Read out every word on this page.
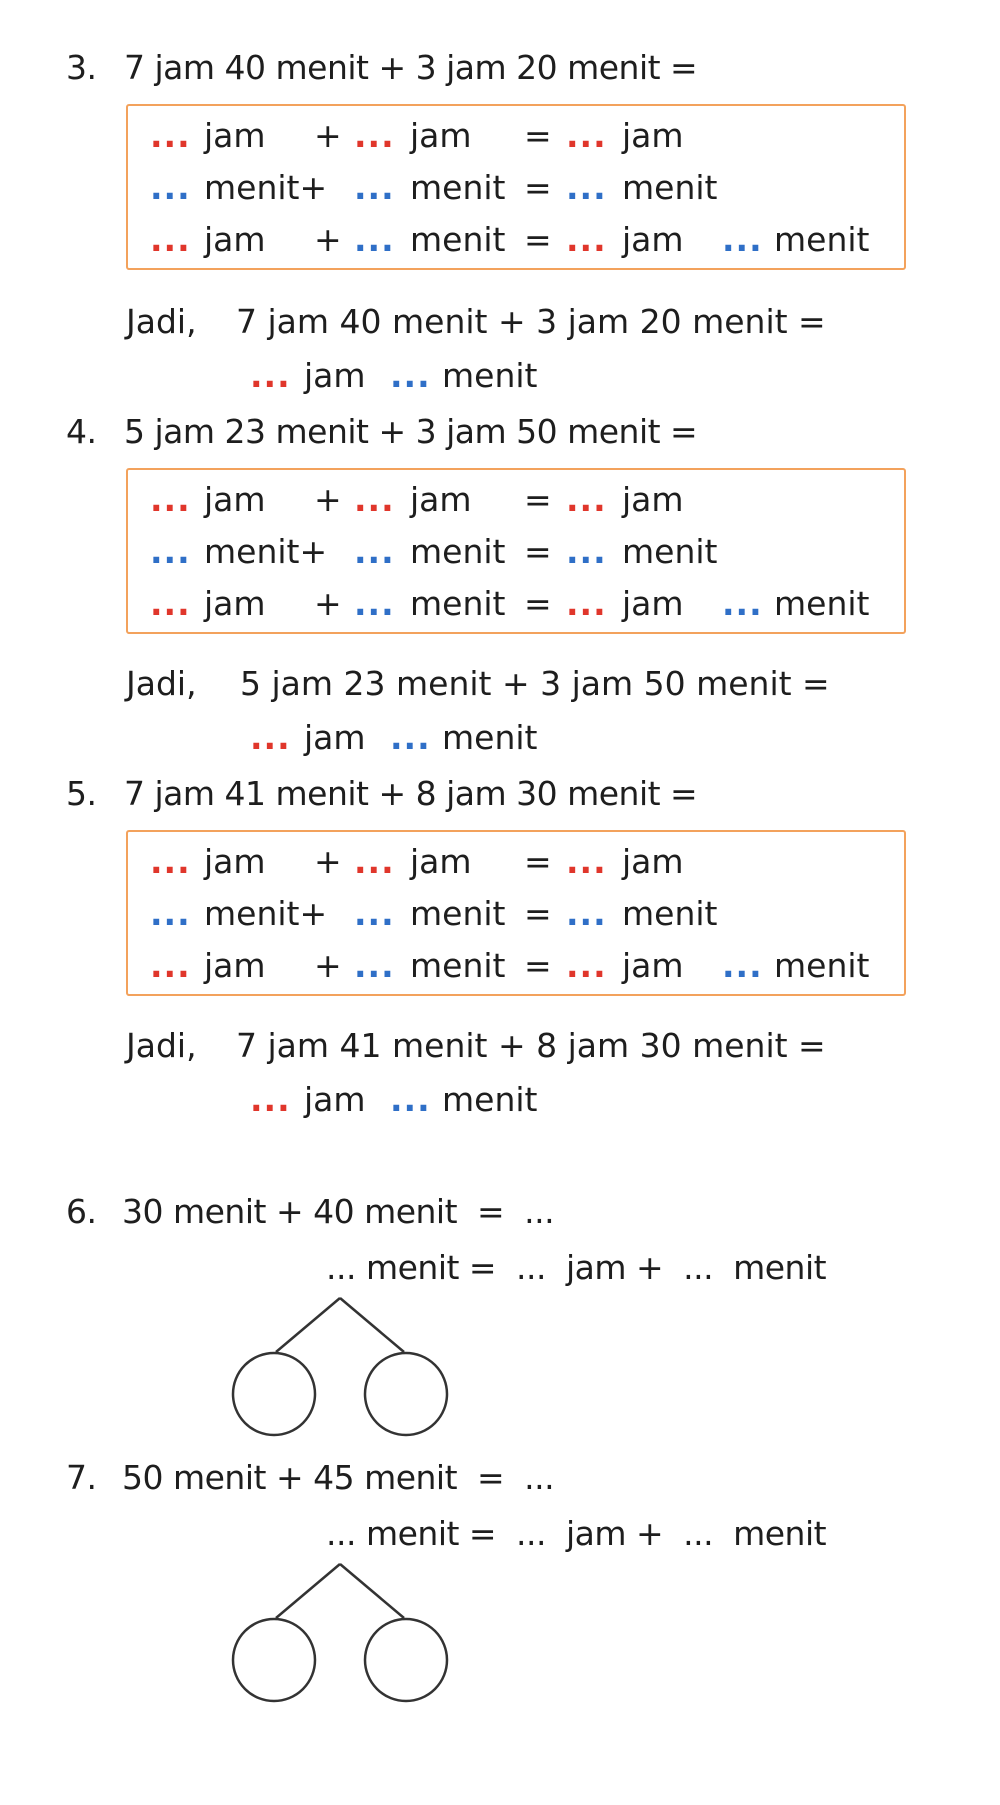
3. 7 jam 40 menit + 3 jam 20 menit =
... jam + ... jam = ... jam
... menit+ ... menit = ... menit
... jam + ... menit = ... jam ... menit
Jadi, 7 jam 40 menit + 3 jam 20 menit =
... jam ... menit
4. 5 jam 23 menit + 3 jam 50 menit =
... jam + ... jam = ... jam
... menit+ ... menit = ... menit
... jam + ... menit = ... jam ... menit
Jadi, 5 jam 23 menit + 3 jam 50 menit =
... jam ... menit
5. 7 jam 41 menit + 8 jam 30 menit =
... jam + ... jam = ... jam
... menit+ ... menit = ... menit
... jam + ... menit = ... jam ... menit
Jadi, 7 jam 41 menit + 8 jam 30 menit =
... jam ... menit
6. 30 menit + 40 menit  =  ...
... menit =  ...  jam +  ...  menit
7. 50 menit + 45 menit  =  ...
... menit =  ...  jam +  ...  menit
